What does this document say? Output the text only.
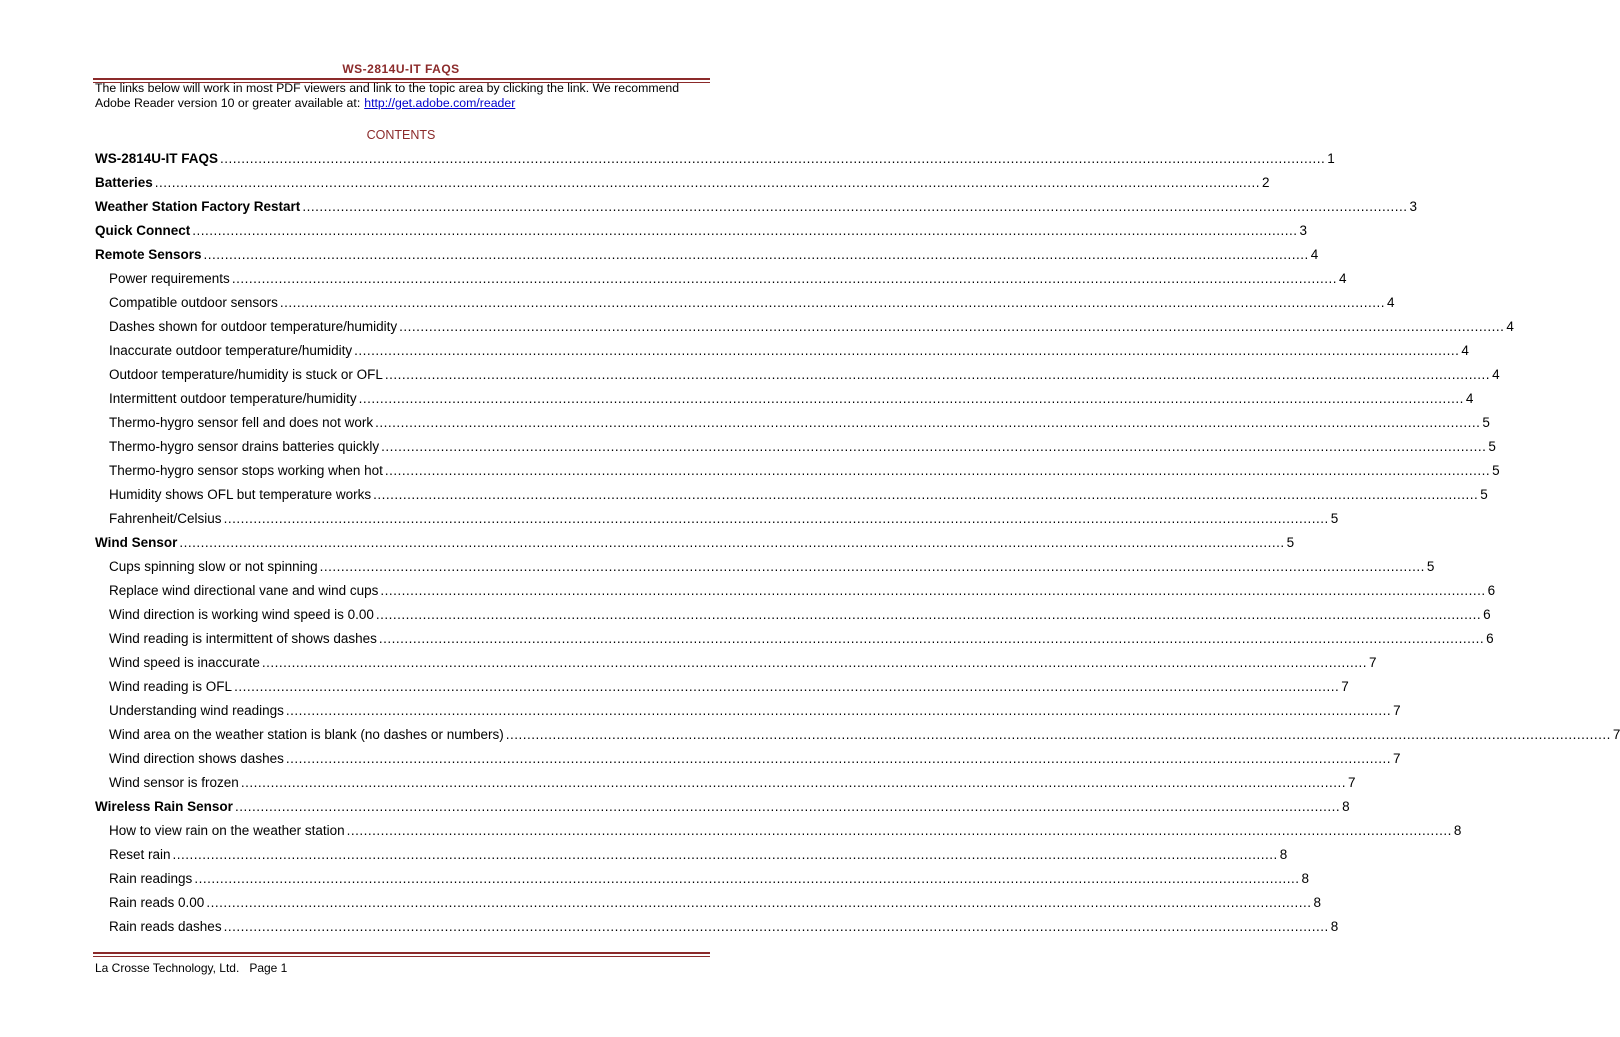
WS-2814U-IT FAQS
The links below will work in most PDF viewers and link to the topic area by clicking the link. We recommend Adobe Reader version 10 or greater available at: http://get.adobe.com/reader
CONTENTS
WS-2814U-IT FAQS .................................................................................................................................................................................................................................................................... 1
Batteries .................................................................................................................................................................................................................................................................... 2
Weather Station Factory Restart .................................................................................................................................................................................................................................................................... 3
Quick Connect .................................................................................................................................................................................................................................................................... 3
Remote Sensors .................................................................................................................................................................................................................................................................... 4
Power requirements .................................................................................................................................................................................................................................................................... 4
Compatible outdoor sensors .................................................................................................................................................................................................................................................................... 4
Dashes shown for outdoor temperature/humidity .................................................................................................................................................................................................................................................................... 4
Inaccurate outdoor temperature/humidity .................................................................................................................................................................................................................................................................... 4
Outdoor temperature/humidity is stuck or OFL .................................................................................................................................................................................................................................................................... 4
Intermittent outdoor temperature/humidity .................................................................................................................................................................................................................................................................... 4
Thermo-hygro sensor fell and does not work .................................................................................................................................................................................................................................................................... 5
Thermo-hygro sensor drains batteries quickly .................................................................................................................................................................................................................................................................... 5
Thermo-hygro sensor stops working when hot .................................................................................................................................................................................................................................................................... 5
Humidity shows OFL but temperature works .................................................................................................................................................................................................................................................................... 5
Fahrenheit/Celsius .................................................................................................................................................................................................................................................................... 5
Wind Sensor .................................................................................................................................................................................................................................................................... 5
Cups spinning slow or not spinning .................................................................................................................................................................................................................................................................... 5
Replace wind directional vane and wind cups .................................................................................................................................................................................................................................................................... 6
Wind direction is working wind speed is 0.00 .................................................................................................................................................................................................................................................................... 6
Wind reading is intermittent of shows dashes .................................................................................................................................................................................................................................................................... 6
Wind speed is inaccurate .................................................................................................................................................................................................................................................................... 7
Wind reading is OFL .................................................................................................................................................................................................................................................................... 7
Understanding wind readings .................................................................................................................................................................................................................................................................... 7
Wind area on the weather station is blank (no dashes or numbers) .................................................................................................................................................................................................................................................................... 7
Wind direction shows dashes .................................................................................................................................................................................................................................................................... 7
Wind sensor is frozen .................................................................................................................................................................................................................................................................... 7
Wireless Rain Sensor .................................................................................................................................................................................................................................................................... 8
How to view rain on the weather station .................................................................................................................................................................................................................................................................... 8
Reset rain .................................................................................................................................................................................................................................................................... 8
Rain readings .................................................................................................................................................................................................................................................................... 8
Rain reads 0.00 .................................................................................................................................................................................................................................................................... 8
Rain reads dashes .................................................................................................................................................................................................................................................................... 8
La Crosse Technology, Ltd.   Page 1
